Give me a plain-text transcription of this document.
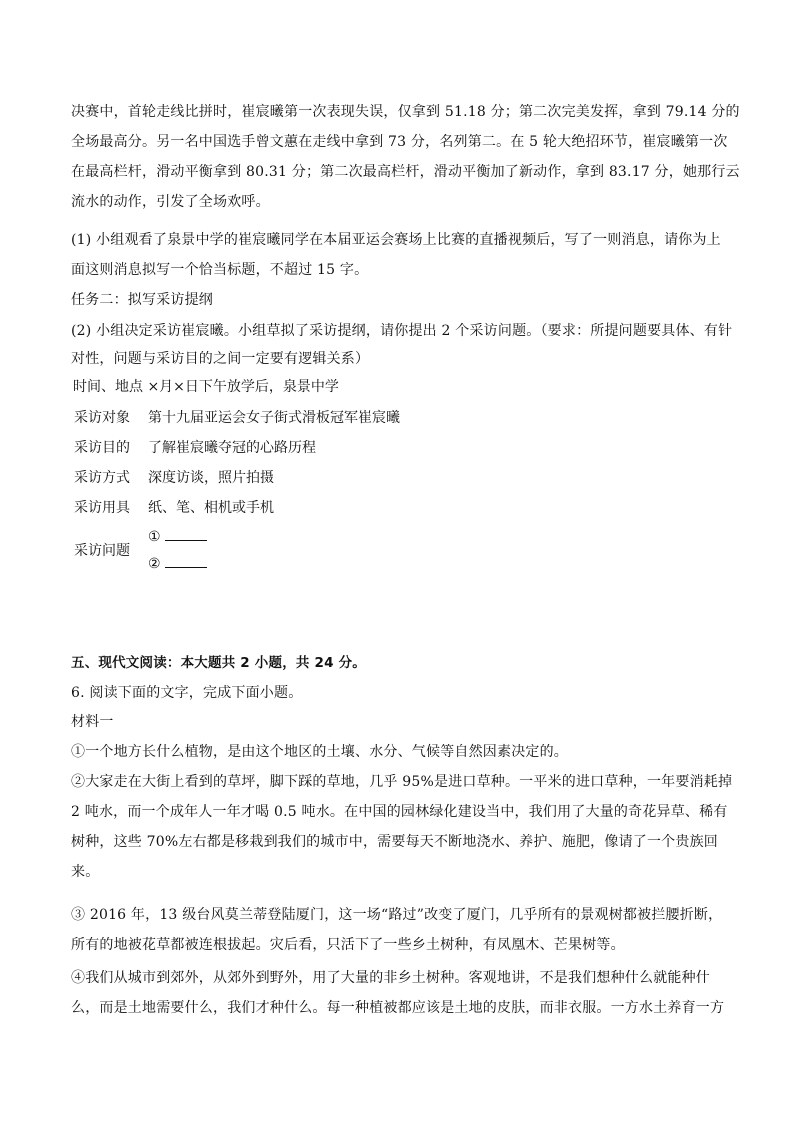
决赛中，首轮走线比拼时，崔宸曦第一次表现失误，仅拿到 51.18 分；第二次完美发挥，拿到 79.14 分的
全场最高分。另一名中国选手曾文蕙在走线中拿到 73 分，名列第二。在 5 轮大绝招环节，崔宸曦第一次
在最高栏杆，滑动平衡拿到 80.31 分；第二次最高栏杆，滑动平衡加了新动作，拿到 83.17 分，她那行云
流水的动作，引发了全场欢呼。
(1) 小组观看了泉景中学的崔宸曦同学在本届亚运会赛场上比赛的直播视频后，写了一则消息，请你为上
面这则消息拟写一个恰当标题，不超过 15 字。
任务二：拟写采访提纲
(2) 小组决定采访崔宸曦。小组草拟了采访提纲，请你提出 2 个采访问题。（要求：所提问题要具体、有针
对性，问题与采访目的之间一定要有逻辑关系）
时间、地点 ×月×日下午放学后，泉景中学
采访对象 第十九届亚运会女子街式滑板冠军崔宸曦
采访目的 了解崔宸曦夺冠的心路历程
采访方式 深度访谈，照片拍摄
采访用具 纸、笔、相机或手机
采访问题
①
②
五、现代文阅读：本大题共 2 小题，共 24 分。
6. 阅读下面的文字，完成下面小题。
材料一
①一个地方长什么植物，是由这个地区的土壤、水分、气候等自然因素决定的。
②大家走在大街上看到的草坪，脚下踩的草地，几乎 95%是进口草种。一平米的进口草种，一年要消耗掉
2 吨水，而一个成年人一年才喝 0.5 吨水。在中国的园林绿化建设当中，我们用了大量的奇花异草、稀有
树种，这些 70%左右都是移栽到我们的城市中，需要每天不断地浇水、养护、施肥，像请了一个贵族回
来。
③ 2016 年，13 级台风莫兰蒂登陆厦门，这一场“路过”改变了厦门，几乎所有的景观树都被拦腰折断，
所有的地被花草都被连根拔起。灾后看，只活下了一些乡土树种，有凤凰木、芒果树等。
④我们从城市到郊外，从郊外到野外，用了大量的非乡土树种。客观地讲，不是我们想种什么就能种什
么，而是土地需要什么，我们才种什么。每一种植被都应该是土地的皮肤，而非衣服。一方水土养育一方
